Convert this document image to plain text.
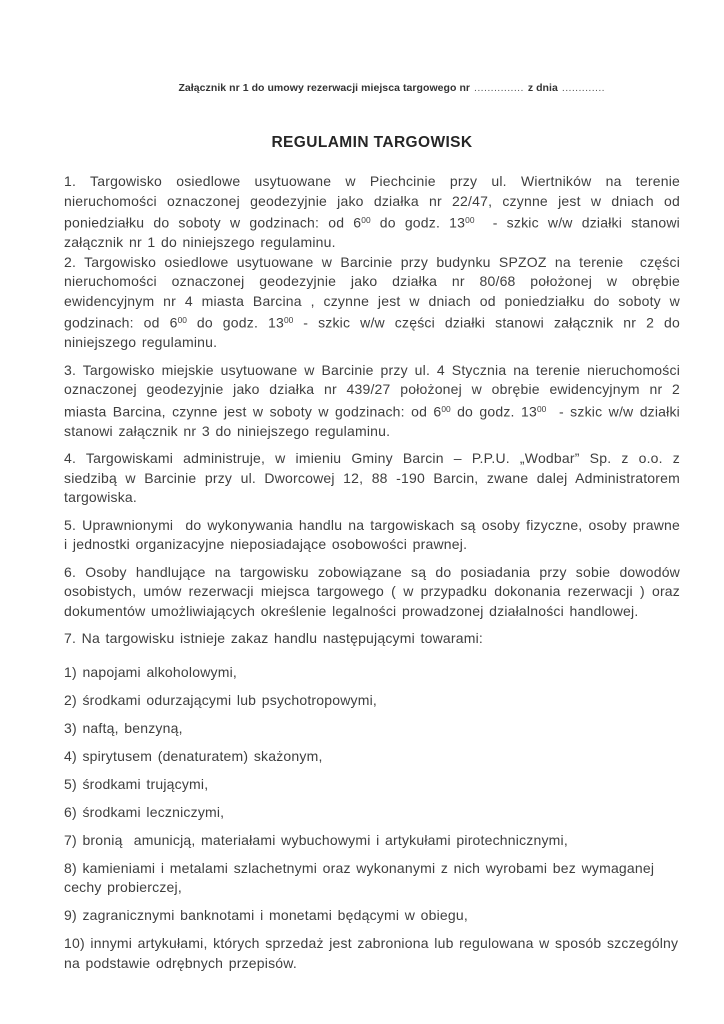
Załącznik nr 1 do umowy rezerwacji miejsca targowego nr ............... z dnia .............
REGULAMIN TARGOWISK

1. Targowisko osiedlowe usytuowane w Piechcinie przy ul. Wiertników na terenie nieruchomości oznaczonej geodezyjnie jako działka nr 22/47, czynne jest w dniach od poniedziałku do soboty w godzinach: od $6^{00}$ do godz. $13^{00}$  - szkic w/w działki stanowi załącznik nr 1 do niniejszego regulaminu.

2. Targowisko osiedlowe usytuowane w Barcinie przy budynku SPZOZ na terenie  części nieruchomości oznaczonej geodezyjnie jako działka nr 80/68 położonej w obrębie ewidencyjnym nr 4 miasta Barcina , czynne jest w dniach od poniedziałku do soboty w godzinach: od $6^{00}$ do godz. $13^{00}$ - szkic w/w części działki stanowi załącznik nr 2 do niniejszego regulaminu.

3. Targowisko miejskie usytuowane w Barcinie przy ul. 4 Stycznia na terenie nieruchomości oznaczonej geodezyjnie jako działka nr 439/27 położonej w obrębie ewidencyjnym nr 2 miasta Barcina, czynne jest w soboty w godzinach: od $6^{00}$ do godz. $13^{00}$  - szkic w/w działki stanowi załącznik nr 3 do niniejszego regulaminu.

4. Targowiskami administruje, w imieniu Gminy Barcin – P.P.U. „Wodbar” Sp. z o.o. z siedzibą w Barcinie przy ul. Dworcowej 12, 88 -190 Barcin, zwane dalej Administratorem targowiska.

5. Uprawnionymi  do wykonywania handlu na targowiskach są osoby fizyczne, osoby prawne i jednostki organizacyjne nieposiadające osobowości prawnej.

6. Osoby handlujące na targowisku zobowiązane są do posiadania przy sobie dowodów osobistych, umów rezerwacji miejsca targowego ( w przypadku dokonania rezerwacji ) oraz dokumentów umożliwiających określenie legalności prowadzonej działalności handlowej.

7. Na targowisku istnieje zakaz handlu następującymi towarami:

1) napojami alkoholowymi,

2) środkami odurzającymi lub psychotropowymi,

3) naftą, benzyną,

4) spirytusem (denaturatem) skażonym,

5) środkami trującymi,

6) środkami leczniczymi,

7) bronią  amunicją, materiałami wybuchowymi i artykułami pirotechnicznymi,

8) kamieniami i metalami szlachetnymi oraz wykonanymi z nich wyrobami bez wymaganej cechy probierczej,

9) zagranicznymi banknotami i monetami będącymi w obiegu,

10) innymi artykułami, których sprzedaż jest zabroniona lub regulowana w sposób szczególny na podstawie odrębnych przepisów.
